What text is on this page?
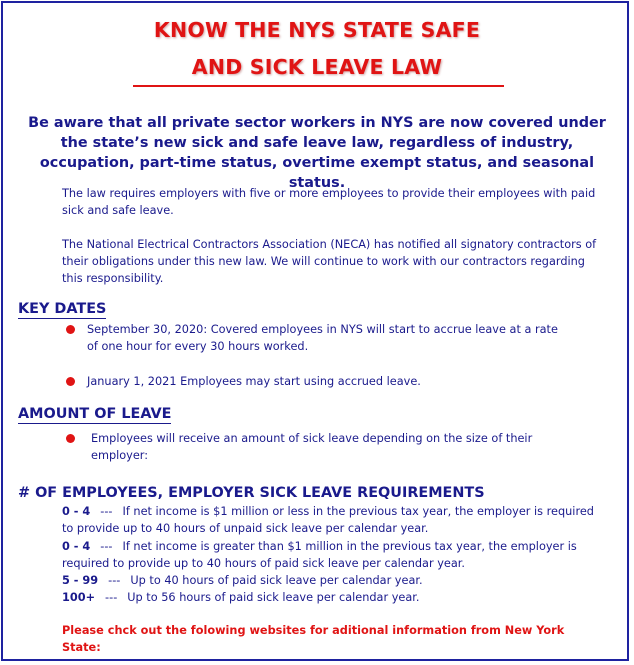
KNOW THE NYS STATE SAFE
AND SICK LEAVE LAW
Be aware that all private sector workers in NYS are now covered under the state’s new sick and safe leave law, regardless of industry, occupation, part-time status, overtime exempt status, and seasonal status.
The law requires employers with five or more employees to provide their employees with paid sick and safe leave.
The National Electrical Contractors Association (NECA) has notified all signatory contractors of their obligations under this new law. We will continue to work with our contractors regarding this responsibility.
KEY DATES
September 30, 2020: Covered employees in NYS will start to accrue leave at a rate of one hour for every 30 hours worked.
January 1, 2021 Employees may start using accrued leave.
AMOUNT OF LEAVE
Employees will receive an amount of sick leave depending on the size of their employer:
# OF EMPLOYEES, EMPLOYER SICK LEAVE REQUIREMENTS
0 - 4 --- If net income is $1 million or less in the previous tax year, the employer is required to provide up to 40 hours of unpaid sick leave per calendar year.
0 - 4 --- If net income is greater than $1 million in the previous tax year, the employer is required to provide up to 40 hours of paid sick leave per calendar year.
5 - 99 --- Up to 40 hours of paid sick leave per calendar year.
100+ --- Up to 56 hours of paid sick leave per calendar year.
Please chck out the folowing websites for aditional information from New York State:
